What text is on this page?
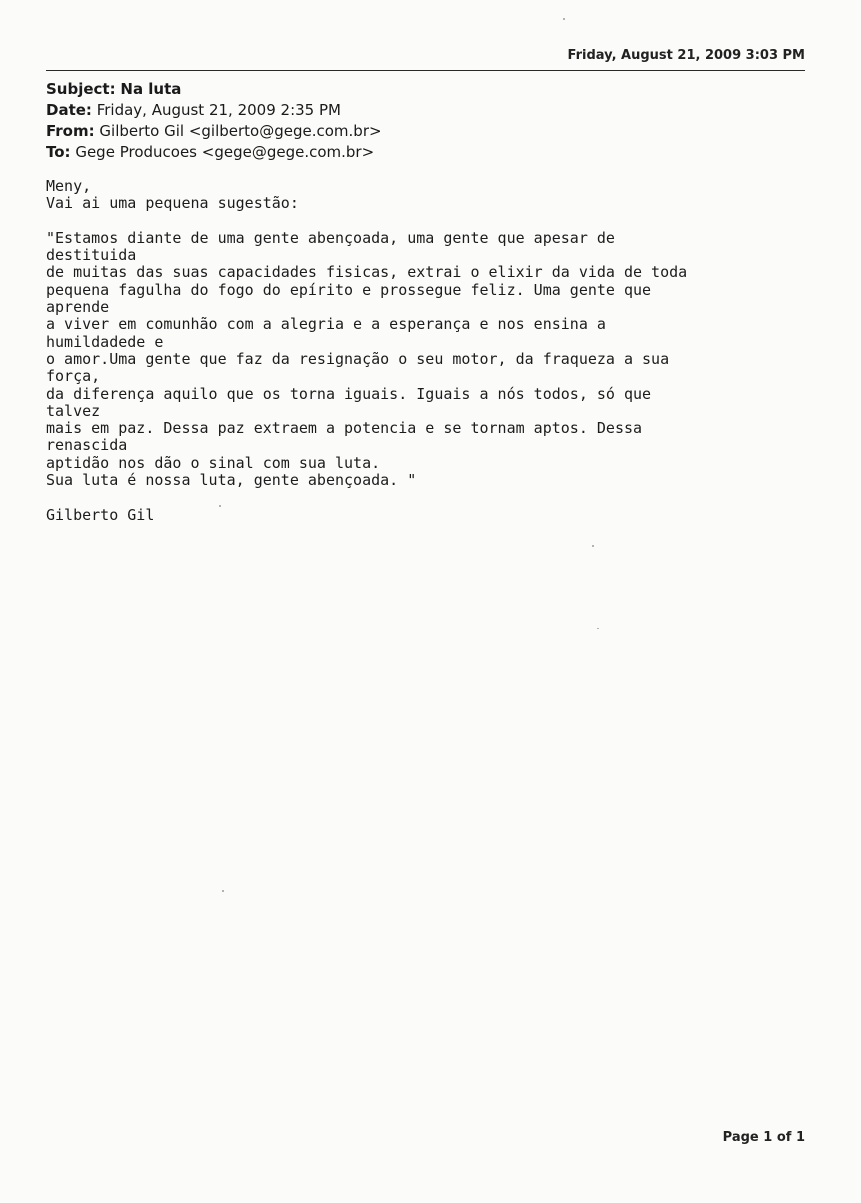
Friday, August 21, 2009 3:03 PM

Subject: Na luta
Date: Friday, August 21, 2009 2:35 PM
From: Gilberto Gil <gilberto@gege.com.br>
To: Gege Producoes <gege@gege.com.br>
Meny,
Vai ai uma pequena sugestão:
"Estamos diante de uma gente abençoada, uma gente que apesar de
destituida
de muitas das suas capacidades fisicas, extrai o elixir da vida de toda
pequena fagulha do fogo do epírito e prossegue feliz. Uma gente que
aprende
a viver em comunhão com a alegria e a esperança e nos ensina a
humildadede e
o amor.Uma gente que faz da resignação o seu motor, da fraqueza a sua
força,
da diferença aquilo que os torna iguais. Iguais a nós todos, só que
talvez
mais em paz. Dessa paz extraem a potencia e se tornam aptos. Dessa
renascida
aptidão nos dão o sinal com sua luta.
Sua luta é nossa luta, gente abençoada. "
Gilberto Gil

Page 1 of 1
